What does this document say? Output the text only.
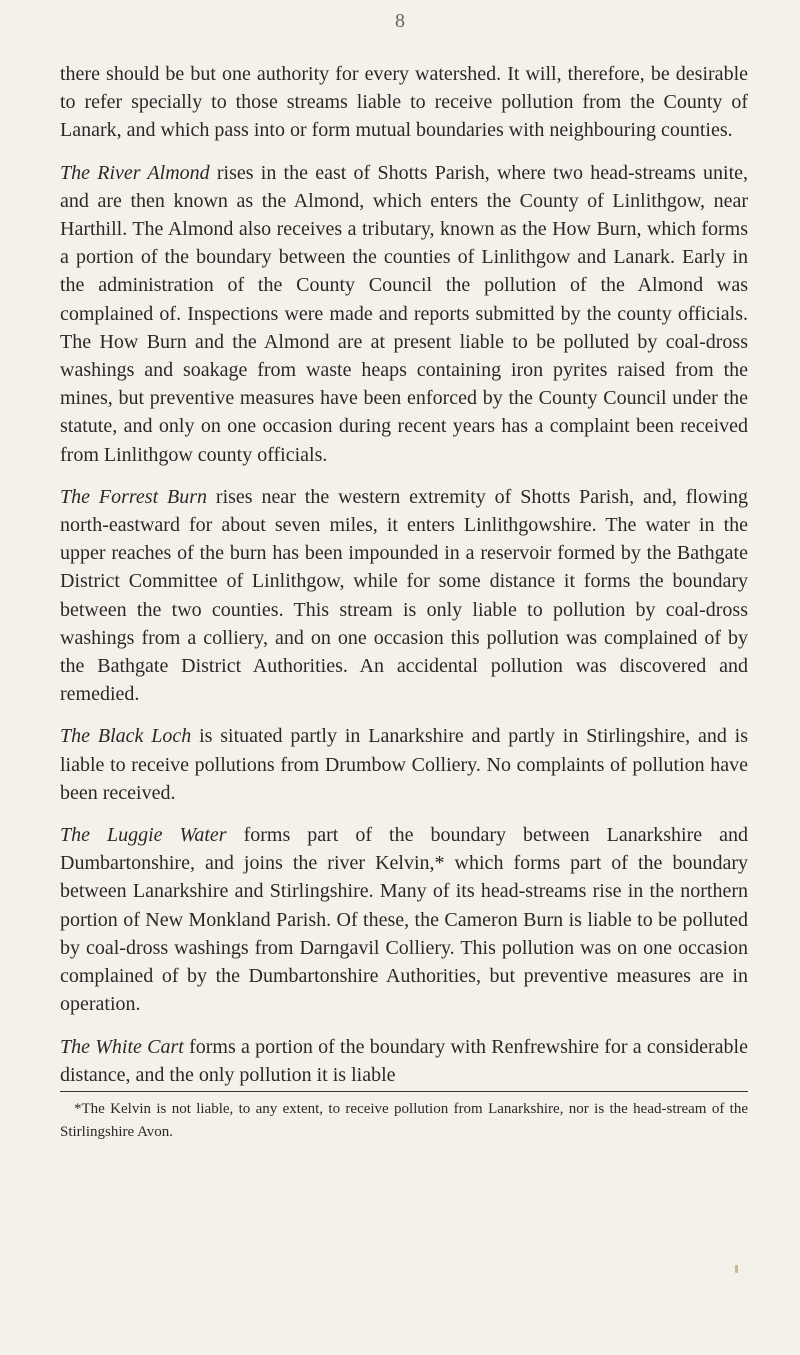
8

there should be but one authority for every watershed. It will, therefore, be desirable to refer specially to those streams liable to receive pollution from the County of Lanark, and which pass into or form mutual boundaries with neighbouring counties.

The River Almond rises in the east of Shotts Parish, where two head-streams unite, and are then known as the Almond, which enters the County of Linlithgow, near Harthill. The Almond also receives a tributary, known as the How Burn, which forms a portion of the boundary between the counties of Linlithgow and Lanark. Early in the administration of the County Council the pollution of the Almond was complained of. Inspections were made and reports submitted by the county officials. The How Burn and the Almond are at present liable to be polluted by coal-dross washings and soakage from waste heaps containing iron pyrites raised from the mines, but preventive measures have been enforced by the County Council under the statute, and only on one occasion during recent years has a complaint been received from Linlithgow county officials.

The Forrest Burn rises near the western extremity of Shotts Parish, and, flowing north-eastward for about seven miles, it enters Linlithgowshire. The water in the upper reaches of the burn has been impounded in a reservoir formed by the Bathgate District Committee of Linlithgow, while for some distance it forms the boundary between the two counties. This stream is only liable to pollution by coal-dross washings from a colliery, and on one occasion this pollution was complained of by the Bathgate District Authorities. An accidental pollution was discovered and remedied.

The Black Loch is situated partly in Lanarkshire and partly in Stirlingshire, and is liable to receive pollutions from Drumbow Colliery. No complaints of pollution have been received.

The Luggie Water forms part of the boundary between Lanarkshire and Dumbartonshire, and joins the river Kelvin,* which forms part of the boundary between Lanarkshire and Stirlingshire. Many of its head-streams rise in the northern portion of New Monkland Parish. Of these, the Cameron Burn is liable to be polluted by coal-dross washings from Darngavil Colliery. This pollution was on one occasion complained of by the Dumbartonshire Authorities, but preventive measures are in operation.

The White Cart forms a portion of the boundary with Renfrewshire for a considerable distance, and the only pollution it is liable

*The Kelvin is not liable, to any extent, to receive pollution from Lanarkshire, nor is the head-stream of the Stirlingshire Avon.
